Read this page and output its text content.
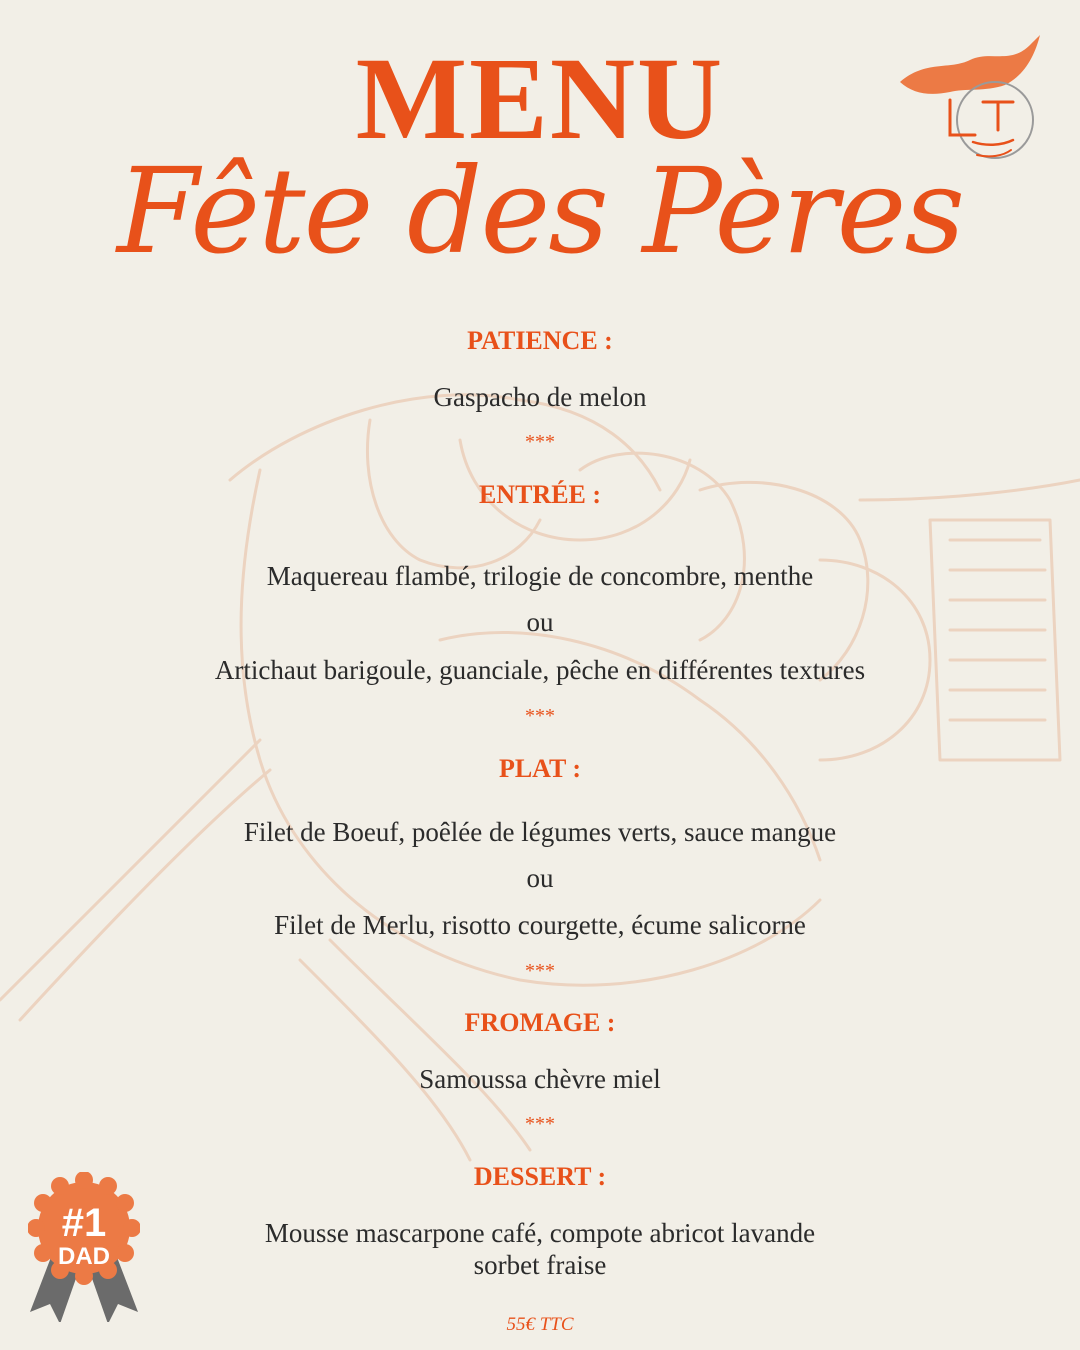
MENU
Fête des Pères
PATIENCE :
Gaspacho de melon
***
ENTRÉE :
Maquereau flambé, trilogie de concombre, menthe
ou
Artichaut barigoule, guanciale, pêche en différentes textures
***
PLAT :
Filet de Boeuf, poêlée de légumes verts, sauce mangue
ou
Filet de Merlu, risotto courgette, écume salicorne
***
FROMAGE :
Samoussa chèvre miel
***
DESSERT :
Mousse mascarpone café, compote abricot lavande
sorbet fraise
55€ TTC
#1
DAD
